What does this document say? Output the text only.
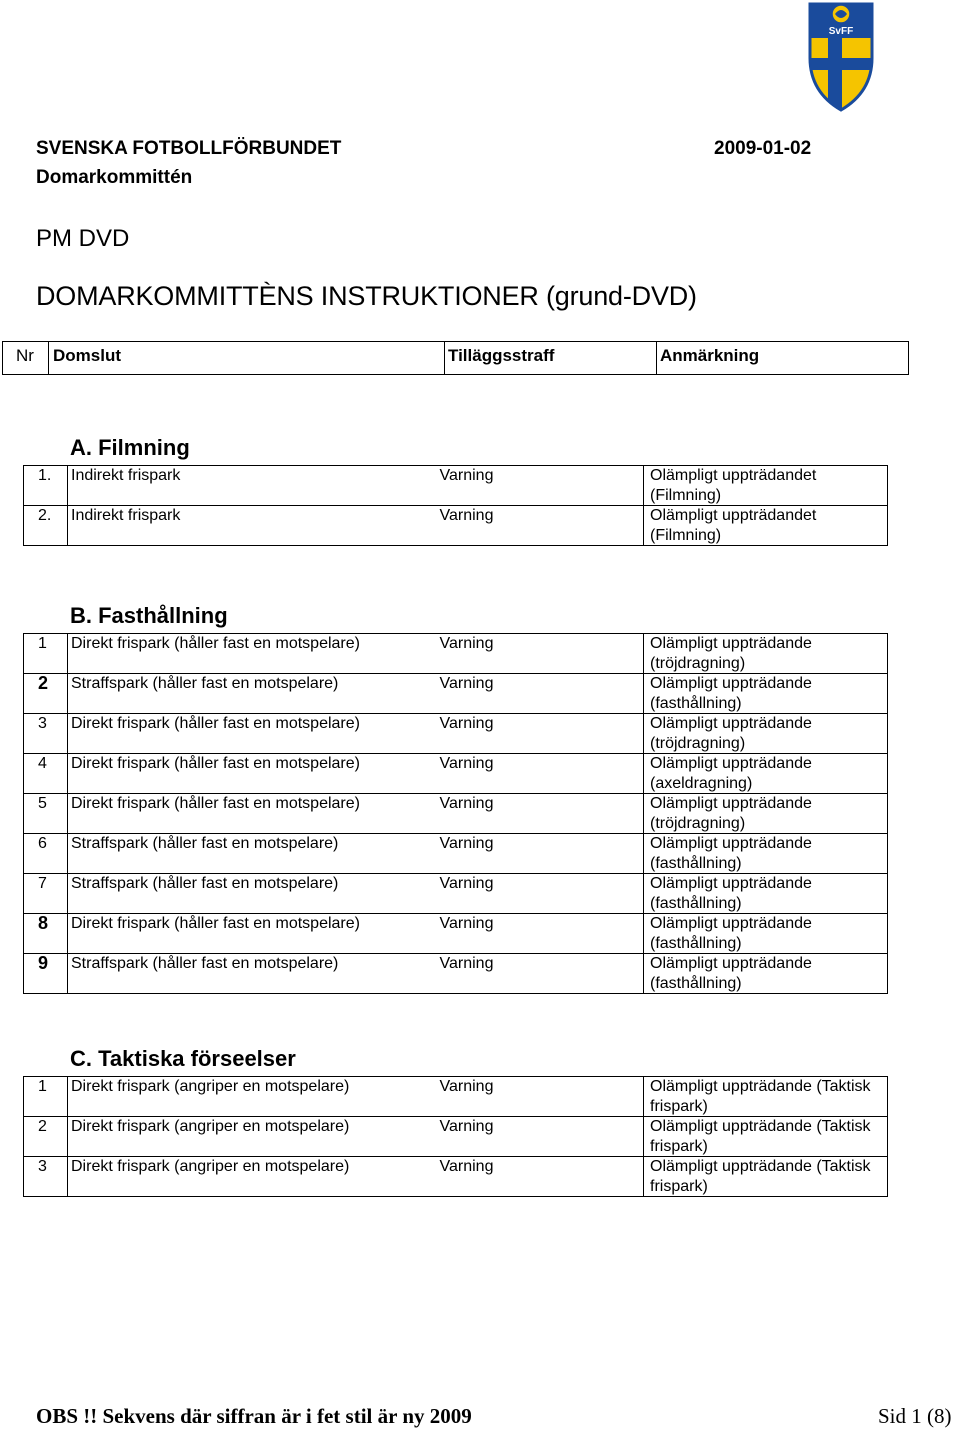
SvFF
SVENSKA FOTBOLLFÖRBUNDET
Domarkommittén
2009-01-02
PM DVD
DOMARKOMMITTÈNS INSTRUKTIONER (grund-DVD)
Nr	Domslut	Tilläggsstraff	Anmärkning
A. Filmning
B. Fasthållning
C. Taktiska förseelser
1.	Indirekt frispark	Varning	Olämpligt uppträdandet (Filmning)
2.	Indirekt frispark	Varning	Olämpligt uppträdandet (Filmning)
1	Direkt frispark (håller fast en motspelare)	Varning	Olämpligt uppträdande (tröjdragning)
2	Straffspark (håller fast en motspelare)	Varning	Olämpligt uppträdande (fasthållning)
3	Direkt frispark (håller fast en motspelare)	Varning	Olämpligt uppträdande (tröjdragning)
4	Direkt frispark (håller fast en motspelare)	Varning	Olämpligt uppträdande (axeldragning)
5	Direkt frispark (håller fast en motspelare)	Varning	Olämpligt uppträdande (tröjdragning)
6	Straffspark (håller fast en motspelare)	Varning	Olämpligt uppträdande (fasthållning)
7	Straffspark (håller fast en motspelare)	Varning	Olämpligt uppträdande (fasthållning)
8	Direkt frispark (håller fast en motspelare)	Varning	Olämpligt uppträdande (fasthållning)
9	Straffspark (håller fast en motspelare)	Varning	Olämpligt uppträdande (fasthållning)
1	Direkt frispark (angriper en motspelare)	Varning	Olämpligt uppträdande (Taktisk frispark)
2	Direkt frispark (angriper en motspelare)	Varning	Olämpligt uppträdande (Taktisk frispark)
3	Direkt frispark (angriper en motspelare)	Varning	Olämpligt uppträdande (Taktisk frispark)
OBS !! Sekvens där siffran är i fet stil är ny 2009	Sid 1 (8)
